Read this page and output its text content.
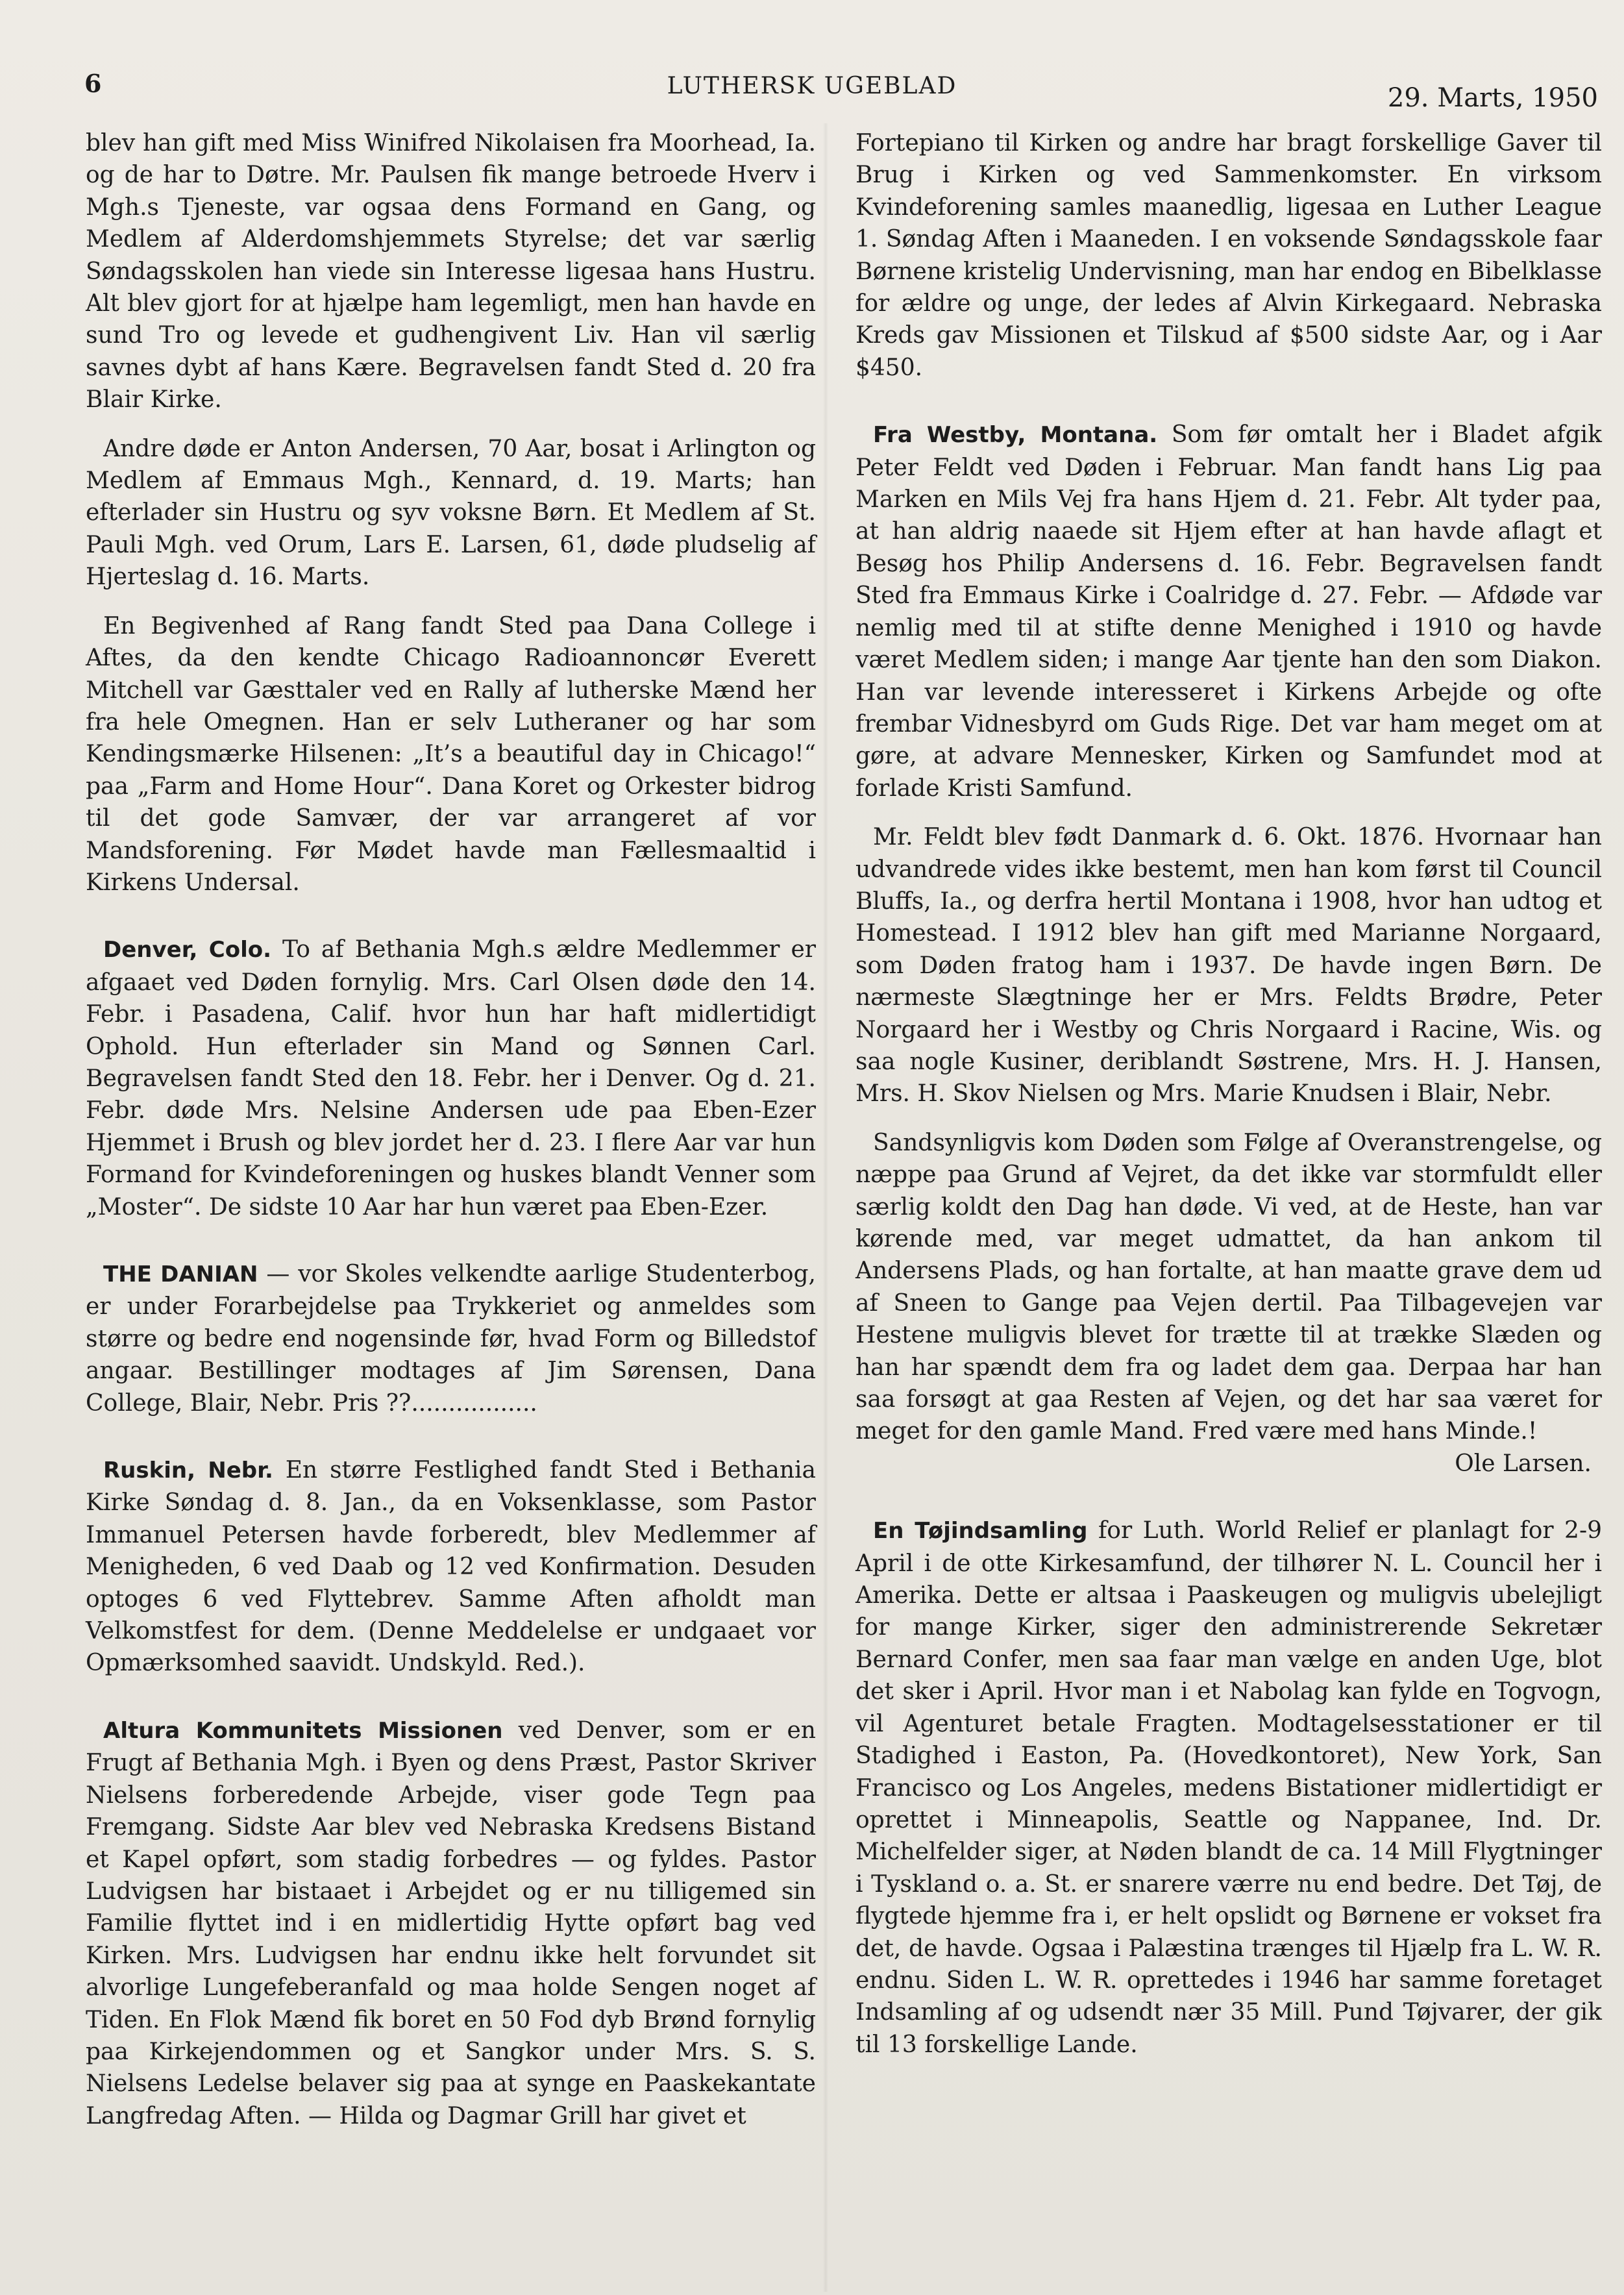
6	LUTHERSK UGEBLAD	29. Marts, 1950

blev han gift med Miss Winifred Nikolaisen fra Moorhead, Ia. og de har to Døtre. Mr. Paulsen fik mange betroede Hverv i Mgh.s Tjeneste, var ogsaa dens Formand en Gang, og Medlem af Alderdomshjemmets Styrelse; det var særlig Søndagsskolen han viede sin Interesse ligesaa hans Hustru. Alt blev gjort for at hjælpe ham legemligt, men han havde en sund Tro og levede et gudhengivent Liv. Han vil særlig savnes dybt af hans Kære. Begravelsen fandt Sted d. 20 fra Blair Kirke.

Andre døde er Anton Andersen, 70 Aar, bosat i Arlington og Medlem af Emmaus Mgh., Kennard, d. 19. Marts; han efterlader sin Hustru og syv voksne Børn. Et Medlem af St. Pauli Mgh. ved Orum, Lars E. Larsen, 61, døde pludselig af Hjerteslag d. 16. Marts.

En Begivenhed af Rang fandt Sted paa Dana College i Aftes, da den kendte Chicago Radioannoncør Everett Mitchell var Gæsttaler ved en Rally af lutherske Mænd her fra hele Omegnen. Han er selv Lutheraner og har som Kendingsmærke Hilsenen: „It’s a beautiful day in Chicago!“ paa „Farm and Home Hour“. Dana Koret og Orkester bidrog til det gode Samvær, der var arrangeret af vor Mandsforening. Før Mødet havde man Fællesmaaltid i Kirkens Undersal.

Denver, Colo. To af Bethania Mgh.s ældre Medlemmer er afgaaet ved Døden fornylig. Mrs. Carl Olsen døde den 14. Febr. i Pasadena, Calif. hvor hun har haft midlertidigt Ophold. Hun efterlader sin Mand og Sønnen Carl. Begravelsen fandt Sted den 18. Febr. her i Denver. Og d. 21. Febr. døde Mrs. Nelsine Andersen ude paa Eben-Ezer Hjemmet i Brush og blev jordet her d. 23. I flere Aar var hun Formand for Kvindeforeningen og huskes blandt Venner som „Moster“. De sidste 10 Aar har hun været paa Eben-Ezer.

THE DANIAN — vor Skoles velkendte aarlige Studenterbog, er under Forarbejdelse paa Trykkeriet og anmeldes som større og bedre end nogensinde før, hvad Form og Billedstof angaar. Bestillinger modtages af Jim Sørensen, Dana College, Blair, Nebr. Pris ??.................

Ruskin, Nebr. En større Festlighed fandt Sted i Bethania Kirke Søndag d. 8. Jan., da en Voksenklasse, som Pastor Immanuel Petersen havde forberedt, blev Medlemmer af Menigheden, 6 ved Daab og 12 ved Konfirmation. Desuden optoges 6 ved Flyttebrev. Samme Aften afholdt man Velkomstfest for dem. (Denne Meddelelse er undgaaet vor Opmærksomhed saavidt. Undskyld. Red.).

Altura Kommunitets Missionen ved Denver, som er en Frugt af Bethania Mgh. i Byen og dens Præst, Pastor Skriver Nielsens forberedende Arbejde, viser gode Tegn paa Fremgang. Sidste Aar blev ved Nebraska Kredsens Bistand et Kapel opført, som stadig forbedres — og fyldes. Pastor Ludvigsen har bistaaet i Arbejdet og er nu tilligemed sin Familie flyttet ind i en midlertidig Hytte opført bag ved Kirken. Mrs. Ludvigsen har endnu ikke helt forvundet sit alvorlige Lungefeberanfald og maa holde Sengen noget af Tiden. En Flok Mænd fik boret en 50 Fod dyb Brønd fornylig paa Kirkejendommen og et Sangkor under Mrs. S. S. Nielsens Ledelse belaver sig paa at synge en Paaskekantate Langfredag Aften. — Hilda og Dagmar Grill har givet et

Fortepiano til Kirken og andre har bragt forskellige Gaver til Brug i Kirken og ved Sammenkomster. En virksom Kvindeforening samles maanedlig, ligesaa en Luther League 1. Søndag Aften i Maaneden. I en voksende Søndagsskole faar Børnene kristelig Undervisning, man har endog en Bibelklasse for ældre og unge, der ledes af Alvin Kirkegaard. Nebraska Kreds gav Missionen et Tilskud af $500 sidste Aar, og i Aar $450.

Fra Westby, Montana. Som før omtalt her i Bladet afgik Peter Feldt ved Døden i Februar. Man fandt hans Lig paa Marken en Mils Vej fra hans Hjem d. 21. Febr. Alt tyder paa, at han aldrig naaede sit Hjem efter at han havde aflagt et Besøg hos Philip Andersens d. 16. Febr. Begravelsen fandt Sted fra Emmaus Kirke i Coalridge d. 27. Febr. — Afdøde var nemlig med til at stifte denne Menighed i 1910 og havde været Medlem siden; i mange Aar tjente han den som Diakon. Han var levende interesseret i Kirkens Arbejde og ofte frembar Vidnesbyrd om Guds Rige. Det var ham meget om at gøre, at advare Mennesker, Kirken og Samfundet mod at forlade Kristi Samfund.

Mr. Feldt blev født Danmark d. 6. Okt. 1876. Hvornaar han udvandrede vides ikke bestemt, men han kom først til Council Bluffs, Ia., og derfra hertil Montana i 1908, hvor han udtog et Homestead. I 1912 blev han gift med Marianne Norgaard, som Døden fratog ham i 1937. De havde ingen Børn. De nærmeste Slægtninge her er Mrs. Feldts Brødre, Peter Norgaard her i Westby og Chris Norgaard i Racine, Wis. og saa nogle Kusiner, deriblandt Søstrene, Mrs. H. J. Hansen, Mrs. H. Skov Nielsen og Mrs. Marie Knudsen i Blair, Nebr.

Sandsynligvis kom Døden som Følge af Overanstrengelse, og næppe paa Grund af Vejret, da det ikke var stormfuldt eller særlig koldt den Dag han døde. Vi ved, at de Heste, han var kørende med, var meget udmattet, da han ankom til Andersens Plads, og han fortalte, at han maatte grave dem ud af Sneen to Gange paa Vejen dertil. Paa Tilbagevejen var Hestene muligvis blevet for trætte til at trække Slæden og han har spændt dem fra og ladet dem gaa. Derpaa har han saa forsøgt at gaa Resten af Vejen, og det har saa været for meget for den gamle Mand. Fred være med hans Minde.!
Ole Larsen.

En Tøjindsamling for Luth. World Relief er planlagt for 2-9 April i de otte Kirkesamfund, der tilhører N. L. Council her i Amerika. Dette er altsaa i Paaskeugen og muligvis ubelejligt for mange Kirker, siger den administrerende Sekretær Bernard Confer, men saa faar man vælge en anden Uge, blot det sker i April. Hvor man i et Nabolag kan fylde en Togvogn, vil Agenturet betale Fragten. Modtagelsesstationer er til Stadighed i Easton, Pa. (Hovedkontoret), New York, San Francisco og Los Angeles, medens Bistationer midlertidigt er oprettet i Minneapolis, Seattle og Nappanee, Ind. Dr. Michelfelder siger, at Nøden blandt de ca. 14 Mill Flygtninger i Tyskland o. a. St. er snarere værre nu end bedre. Det Tøj, de flygtede hjemme fra i, er helt opslidt og Børnene er vokset fra det, de havde. Ogsaa i Palæstina trænges til Hjælp fra L. W. R. endnu. Siden L. W. R. oprettedes i 1946 har samme foretaget Indsamling af og udsendt nær 35 Mill. Pund Tøjvarer, der gik til 13 forskellige Lande.
